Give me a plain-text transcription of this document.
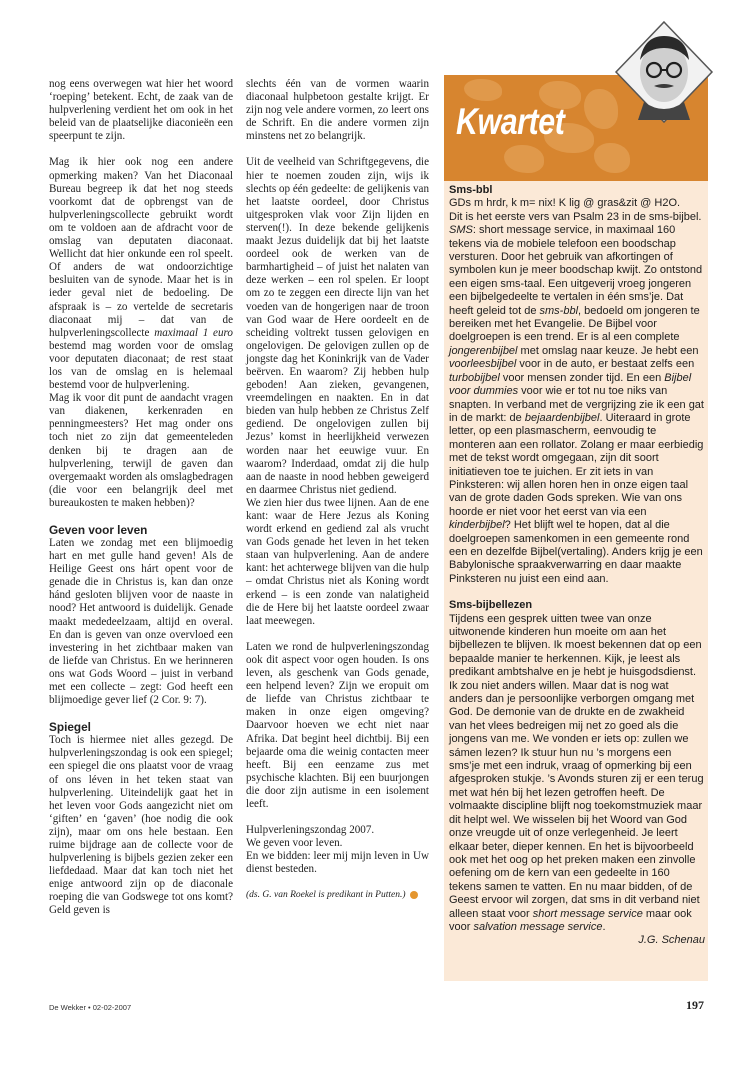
nog eens overwegen wat hier het woord ‘roeping’ betekent. Echt, de zaak van de hulpverlening verdient het om ook in het beleid van de plaatselijke diaconieën een speerpunt te zijn.

Mag ik hier ook nog een andere opmerking maken? Van het Diaconaal Bureau begreep ik dat het nog steeds voorkomt dat de opbrengst van de hulpverleningscollecte gebruikt wordt om te voldoen aan de afdracht voor de omslag van deputaten diaconaat. Wellicht dat hier onkunde een rol speelt. Of anders de wat ondoorzichtige besluiten van de synode. Maar het is in ieder geval niet de bedoeling. De afspraak is – zo vertelde de secretaris diaconaat mij – dat van de hulpverleningscollecte maximaal 1 euro bestemd mag worden voor de omslag voor deputaten diaconaat; de rest staat los van de omslag en is helemaal bestemd voor de hulpverlening.

Mag ik voor dit punt de aandacht vragen van diakenen, kerkenraden en penningmeesters? Het mag onder ons toch niet zo zijn dat gemeenteleden denken bij te dragen aan de hulpverlening, terwijl de gaven dan overgemaakt worden als omslagbedragen (die voor een belangrijk deel met bureaukosten te maken hebben)?

Geven voor leven

Laten we zondag met een blijmoedig hart en met gulle hand geven! Als de Heilige Geest ons hárt opent voor de genade die in Christus is, kan dan onze hánd gesloten blijven voor de naaste in nood? Het antwoord is duidelijk. Genade maakt mededeelzaam, altijd en overal. En dan is geven van onze overvloed een investering in het zichtbaar maken van de liefde van Christus. En we herinneren ons wat Gods Woord – juist in verband met een collecte – zegt: God heeft een blijmoedige gever lief (2 Cor. 9: 7).

Spiegel

Toch is hiermee niet alles gezegd. De hulpverleningszondag is ook een spiegel; een spiegel die ons plaatst voor de vraag of ons léven in het teken staat van hulpverlening. Uiteindelijk gaat het in het leven voor Gods aangezicht niet om ‘giften’ en ‘gaven’ (hoe nodig die ook zijn), maar om ons hele bestaan. Een ruime bijdrage aan de collecte voor de hulpverlening is bijbels gezien zeker een liefdedaad. Maar dat kan toch niet het enige antwoord zijn op de diaconale roeping die van Godswege tot ons komt? Geld geven is

slechts één van de vormen waarin diaconaal hulpbetoon gestalte krijgt. Er zijn nog vele andere vormen, zo leert ons de Schrift. En die andere vormen zijn minstens net zo belangrijk.

Uit de veelheid van Schriftgegevens, die hier te noemen zouden zijn, wijs ik slechts op één gedeelte: de gelijkenis van het laatste oordeel, door Christus uitgesproken vlak voor Zijn lijden en sterven(!). In deze bekende gelijkenis maakt Jezus duidelijk dat bij het laatste oordeel ook de werken van de barmhartigheid – of juist het nalaten van deze werken – een rol spelen. Er loopt om zo te zeggen een directe lijn van het voeden van de hongerigen naar de troon van God waar de Here oordeelt en de scheiding voltrekt tussen gelovigen en ongelovigen. De gelovigen zullen op de jongste dag het Koninkrijk van de Vader beërven. En waarom? Zij hebben hulp geboden! Aan zieken, gevangenen, vreemdelingen en naakten. En in dat bieden van hulp hebben ze Christus Zelf gediend. De ongelovigen zullen bij Jezus’ komst in heerlijkheid verwezen worden naar het eeuwige vuur. En waarom? Inderdaad, omdat zij die hulp aan de naaste in nood hebben geweigerd en daarmee Christus niet gediend.

We zien hier dus twee lijnen. Aan de ene kant: waar de Here Jezus als Koning wordt erkend en gediend zal als vrucht van Gods genade het leven in het teken staan van hulpverlening. Aan de andere kant: het achterwege blijven van die hulp – omdat Christus niet als Koning wordt erkend – is een zonde van nalatigheid die de Here bij het laatste oordeel zwaar laat meewegen.

Laten we rond de hulpverleningszondag ook dit aspect voor ogen houden. Is ons leven, als geschenk van Gods genade, een helpend leven? Zijn we eropuit om de liefde van Christus zichtbaar te maken in onze eigen omgeving? Daarvoor hoeven we echt niet naar Afrika. Dat begint heel dichtbij. Bij een bejaarde oma die weinig contacten meer heeft. Bij een eenzame zus met psychische klachten. Bij een buurjongen die door zijn autisme in een isolement leeft.

Hulpverleningszondag 2007.

We geven voor leven.

En we bidden: leer mij mijn leven in Uw dienst besteden.

(ds. G. van Roekel is predikant in Putten.)

Kwartet
Sms-bbl

GDs m hrdr, k m= nix! K lig @ gras&zit @ H2O.

Dit is het eerste vers van Psalm 23 in de sms-bijbel.

SMS: short message service, in maximaal 160 tekens via de mobiele telefoon een boodschap versturen. Door het gebruik van afkortingen of symbolen kun je meer boodschap kwijt. Zo ontstond een eigen sms-taal. Een uitgeverij vroeg jongeren een bijbelgedeelte te vertalen in één sms’je. Dat heeft geleid tot de sms-bbl, bedoeld om jongeren te bereiken met het Evangelie. De Bijbel voor doelgroepen is een trend. Er is al een complete jongerenbijbel met omslag naar keuze. Je hebt een voorleesbijbel voor in de auto, er bestaat zelfs een turbobijbel voor mensen zonder tijd. En een Bijbel voor dummies voor wie er tot nu toe niks van snapten. In verband met de vergrijzing zie ik een gat in de markt: de bejaardenbijbel. Uiteraard in grote letter, op een plasmascherm, eenvoudig te monteren aan een rollator. Zolang er maar eerbiedig met de tekst wordt omgegaan, zijn dit soort initiatieven toe te juichen. Er zit iets in van Pinksteren: wij allen horen hen in onze eigen taal van de grote daden Gods spreken. Wie van ons hoorde er niet voor het eerst van via een kinderbijbel? Het blijft wel te hopen, dat al die doelgroepen samenkomen in een gemeente rond een en dezelfde Bijbel(vertaling). Anders krijg je een Babylonische spraakverwarring en daar maakte Pinksteren nu juist een eind aan.

Sms-bijbellezen

Tijdens een gesprek uitten twee van onze uitwonende kinderen hun moeite om aan het bijbellezen te blijven. Ik moest bekennen dat op een bepaalde manier te herkennen. Kijk, je leest als predikant ambtshalve en je hebt je huisgodsdienst. Ik zou niet anders willen. Maar dat is nog wat anders dan je persoonlijke verborgen omgang met God. De demonie van de drukte en de zwakheid van het vlees bedreigen mij net zo goed als die jongens van me. We vonden er iets op: zullen we sámen lezen? Ik stuur hun nu ’s morgens een sms’je met een indruk, vraag of opmerking bij een afgesproken stukje. ’s Avonds sturen zij er een terug met wat hén bij het lezen getroffen heeft. De volmaakte discipline blijft nog toekomstmuziek maar dit helpt wel. We wisselen bij het Woord van God onze vreugde uit of onze verlegenheid. Je leert elkaar beter, dieper kennen. En het is bijvoorbeeld ook met het oog op het preken maken een zinvolle oefening om de kern van een gedeelte in 160 tekens samen te vatten. En nu maar bidden, of de Geest ervoor wil zorgen, dat sms in dit verband niet alleen staat voor short message service maar ook voor salvation message service.

J.G. Schenau

De Wekker • 02-02-2007	197
